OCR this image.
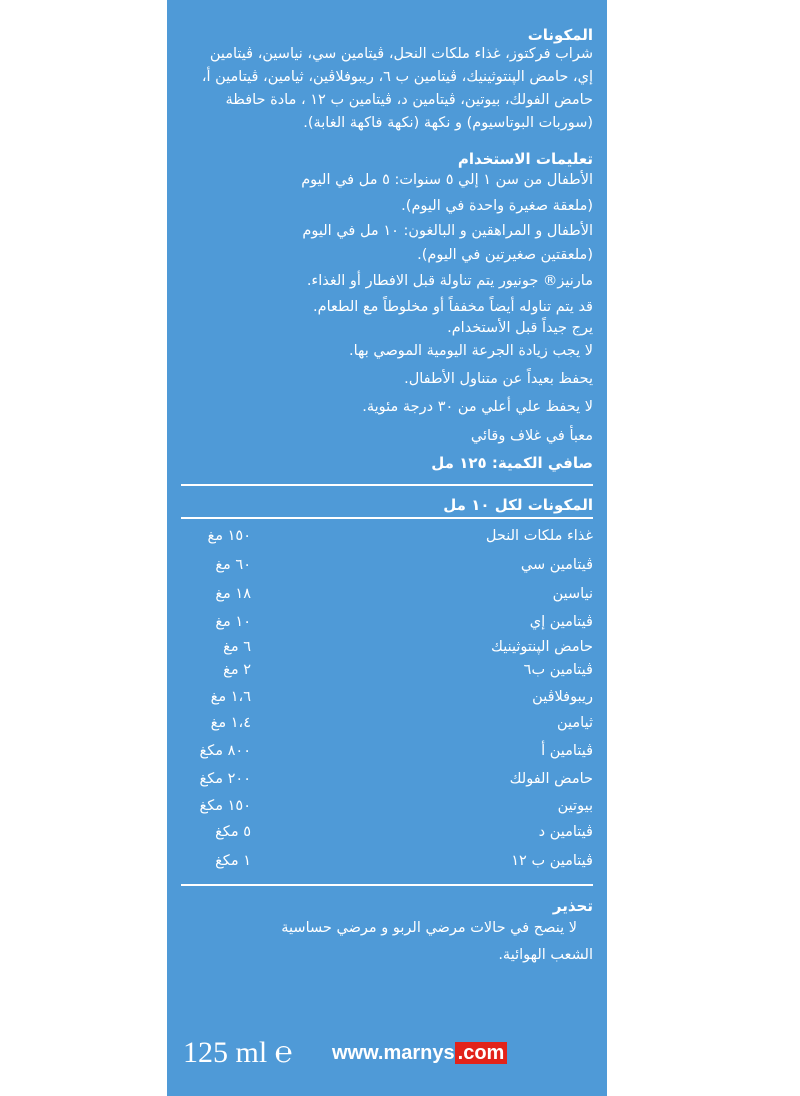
المكونات
شراب فركتوز، غذاء ملكات النحل، ڤيتامين سي، نياسين، ڤيتامين
إي، حامض الپنتوثينيك، ڤيتامين ب ٦، ريبوفلاڤين، ثيامين، ڤيتامين أ،
حامض الفولك، بيوتين، ڤيتامين د، ڤيتامين ب ١٢ ، مادة حافظة
(سوربات البوتاسيوم) و نكهة (نكهة فاكهة الغابة).
تعليمات الاستخدام
الأطفال من سن ١ إلي ٥ سنوات: ٥ مل في اليوم
(ملعقة صغيرة واحدة في اليوم).
الأطفال و المراهقين و البالغون: ١٠ مل في اليوم
(ملعقتين صغيرتين في اليوم).
مارنيز® جونيور يتم تناولة قبل الافطار أو الغذاء.
قد يتم تناوله أيضاً مخففاً أو مخلوطاً مع الطعام.
يرج جيداً قبل الأستخدام.
لا يجب زيادة الجرعة اليومية الموصي بها.
يحفظ بعيداً عن متناول الأطفال.
لا يحفظ علي أعلي من ٣٠ درجة مئوية.
معبأ في غلاف وقائي
صافي الكمية: ١٢٥ مل
المكونات لكل ١٠ مل
غذاء ملكات النحل
١٥٠ مغ
ڤيتامين سي
٦٠ مغ
نياسين
١٨ مغ
ڤيتامين إي
١٠ مغ
حامض الپنتوثينيك
٦ مغ
ڤيتامين ب٦
٢ مغ
ريبوفلاڤين
١،٦ مغ
ثيامين
١،٤ مغ
ڤيتامين أ
٨٠٠ مكغ
حامض الفولك
٢٠٠ مكغ
بيوتين
١٥٠ مكغ
ڤيتامين د
٥ مكغ
ڤيتامين ب ١٢
١ مكغ
تحذير
لا ينصح في حالات مرضي الربو و مرضي حساسية
الشعب الهوائية.
125 ml ℮ www.marnys .com
